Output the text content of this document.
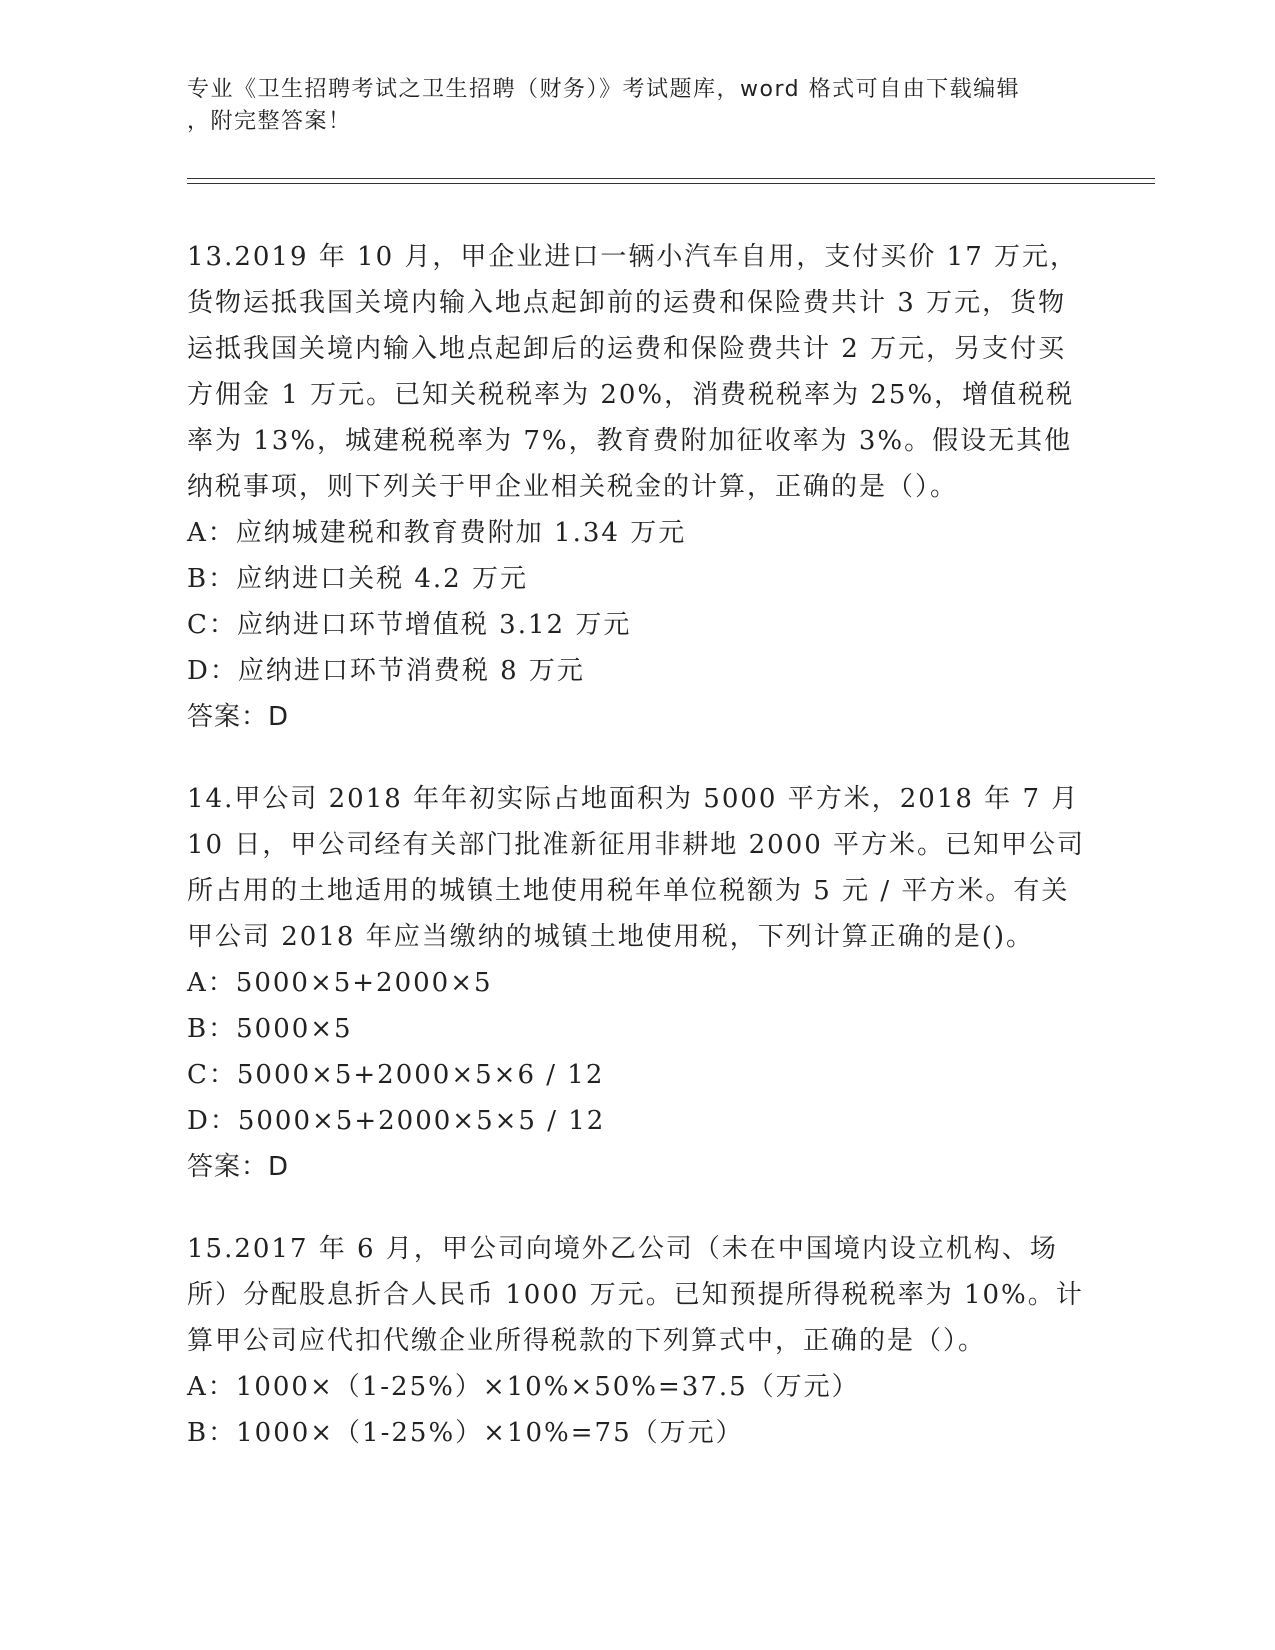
专业《卫生招聘考试之卫生招聘（财务）》考试题库，word 格式可自由下载编辑
，附完整答案！

13.2019 年 10 月，甲企业进口一辆小汽车自用，支付买价 17 万元，货物运抵我国关境内输入地点起卸前的运费和保险费共计 3 万元，货物运抵我国关境内输入地点起卸后的运费和保险费共计 2 万元，另支付买方佣金 1 万元。已知关税税率为 20%，消费税税率为 25%，增值税税率为 13%，城建税税率为 7%，教育费附加征收率为 3%。假设无其他纳税事项，则下列关于甲企业相关税金的计算，正确的是（）。

A：应纳城建税和教育费附加 1.34 万元

B：应纳进口关税 4.2 万元

C：应纳进口环节增值税 3.12 万元

D：应纳进口环节消费税 8 万元

答案：D

14.甲公司 2018 年年初实际占地面积为 5000 平方米，2018 年 7 月 10 日，甲公司经有关部门批准新征用非耕地 2000 平方米。已知甲公司所占用的土地适用的城镇土地使用税年单位税额为 5 元 / 平方米。有关甲公司 2018 年应当缴纳的城镇土地使用税，下列计算正确的是()。

A：5000×5+2000×5

B：5000×5

C：5000×5+2000×5×6 / 12

D：5000×5+2000×5×5 / 12

答案：D

15.2017 年 6 月，甲公司向境外乙公司（未在中国境内设立机构、场所）分配股息折合人民币 1000 万元。已知预提所得税税率为 10%。计算甲公司应代扣代缴企业所得税款的下列算式中，正确的是（）。

A：1000×（1-25%）×10%×50%=37.5（万元）

B：1000×（1-25%）×10%=75（万元）
